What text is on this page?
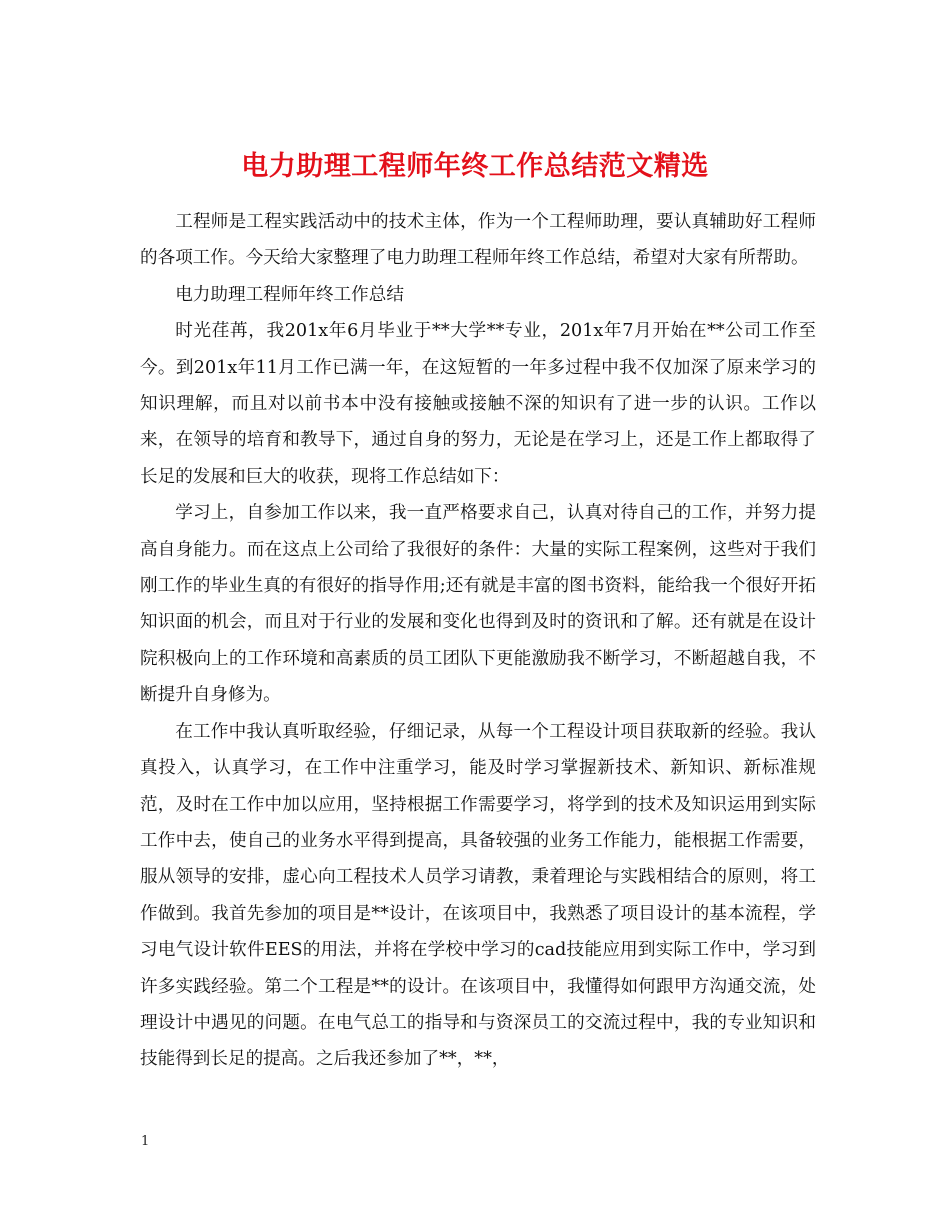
电力助理工程师年终工作总结范文精选

工程师是工程实践活动中的技术主体，作为一个工程师助理，要认真辅助好工程师的各项工作。今天给大家整理了电力助理工程师年终工作总结，希望对大家有所帮助。

电力助理工程师年终工作总结

时光荏苒，我201x年6月毕业于**大学**专业，201x年7月开始在**公司工作至今。到201x年11月工作已满一年，在这短暂的一年多过程中我不仅加深了原来学习的知识理解，而且对以前书本中没有接触或接触不深的知识有了进一步的认识。工作以来，在领导的培育和教导下，通过自身的努力，无论是在学习上，还是工作上都取得了长足的发展和巨大的收获，现将工作总结如下：

学习上，自参加工作以来，我一直严格要求自己，认真对待自己的工作，并努力提高自身能力。而在这点上公司给了我很好的条件：大量的实际工程案例，这些对于我们刚工作的毕业生真的有很好的指导作用;还有就是丰富的图书资料，能给我一个很好开拓知识面的机会，而且对于行业的发展和变化也得到及时的资讯和了解。还有就是在设计院积极向上的工作环境和高素质的员工团队下更能激励我不断学习，不断超越自我，不断提升自身修为。

在工作中我认真听取经验，仔细记录，从每一个工程设计项目获取新的经验。我认真投入，认真学习，在工作中注重学习，能及时学习掌握新技术、新知识、新标准规范，及时在工作中加以应用，坚持根据工作需要学习，将学到的技术及知识运用到实际工作中去，使自己的业务水平得到提高，具备较强的业务工作能力，能根据工作需要，服从领导的安排，虚心向工程技术人员学习请教，秉着理论与实践相结合的原则，将工作做到。我首先参加的项目是**设计，在该项目中，我熟悉了项目设计的基本流程，学习电气设计软件EES的用法，并将在学校中学习的cad技能应用到实际工作中，学习到许多实践经验。第二个工程是**的设计。在该项目中，我懂得如何跟甲方沟通交流，处理设计中遇见的问题。在电气总工的指导和与资深员工的交流过程中，我的专业知识和技能得到长足的提高。之后我还参加了**，**，

1
